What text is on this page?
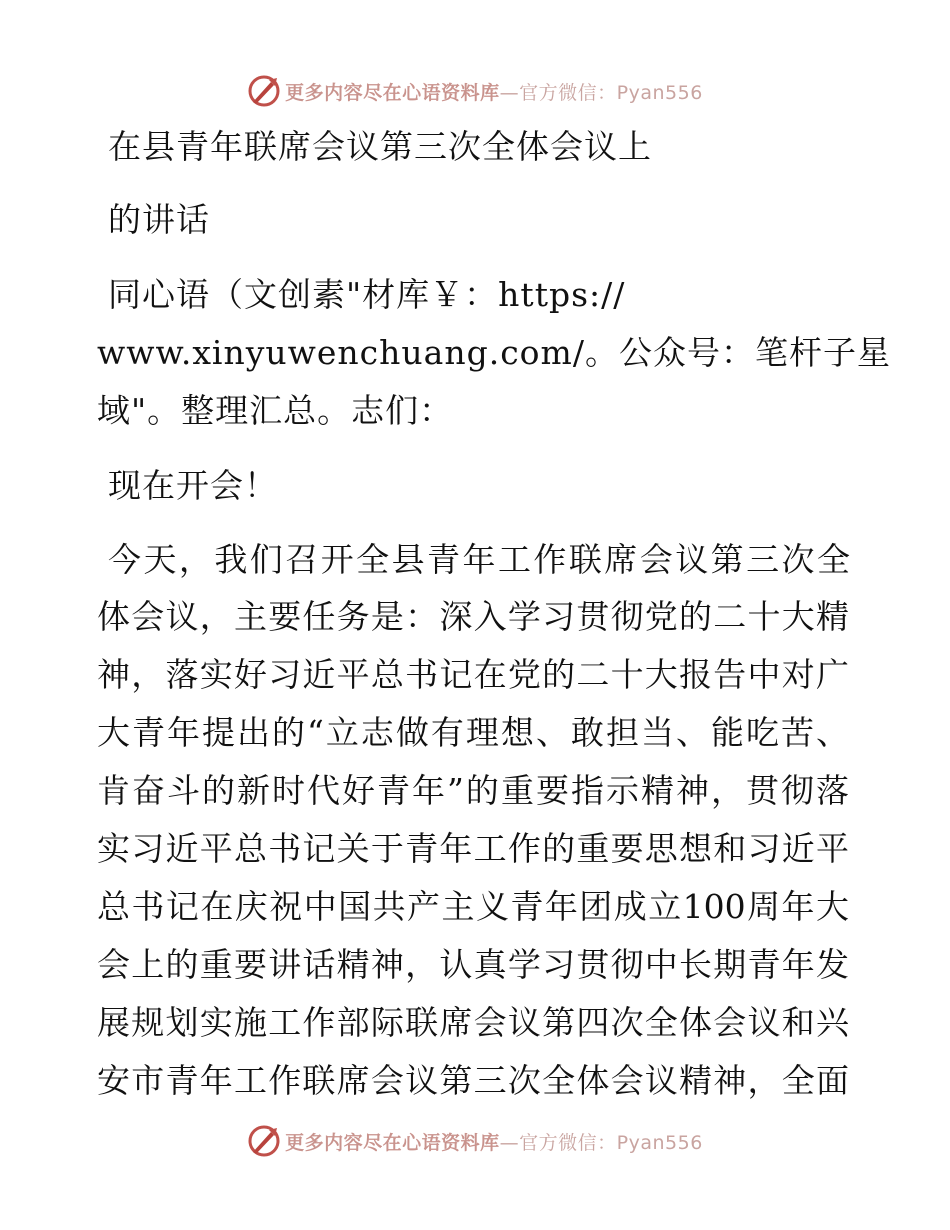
更多内容尽在心语资料库—官方微信：Pyan556
在县青年联席会议第三次全体会议上
的讲话
同心语（文创素"材库￥：https://
www.xinyuwenchuang.com/。公众号：笔杆子星
域"。整理汇总。志们：
现在开会！
今天，我们召开全县青年工作联席会议第三次全
体会议，主要任务是：深入学习贯彻党的二十大精
神，落实好习近平总书记在党的二十大报告中对广
大青年提出的“立志做有理想、敢担当、能吃苦、
肯奋斗的新时代好青年”的重要指示精神，贯彻落
实习近平总书记关于青年工作的重要思想和习近平
总书记在庆祝中国共产主义青年团成立100周年大
会上的重要讲话精神，认真学习贯彻中长期青年发
展规划实施工作部际联席会议第四次全体会议和兴
安市青年工作联席会议第三次全体会议精神，全面
更多内容尽在心语资料库—官方微信：Pyan556
